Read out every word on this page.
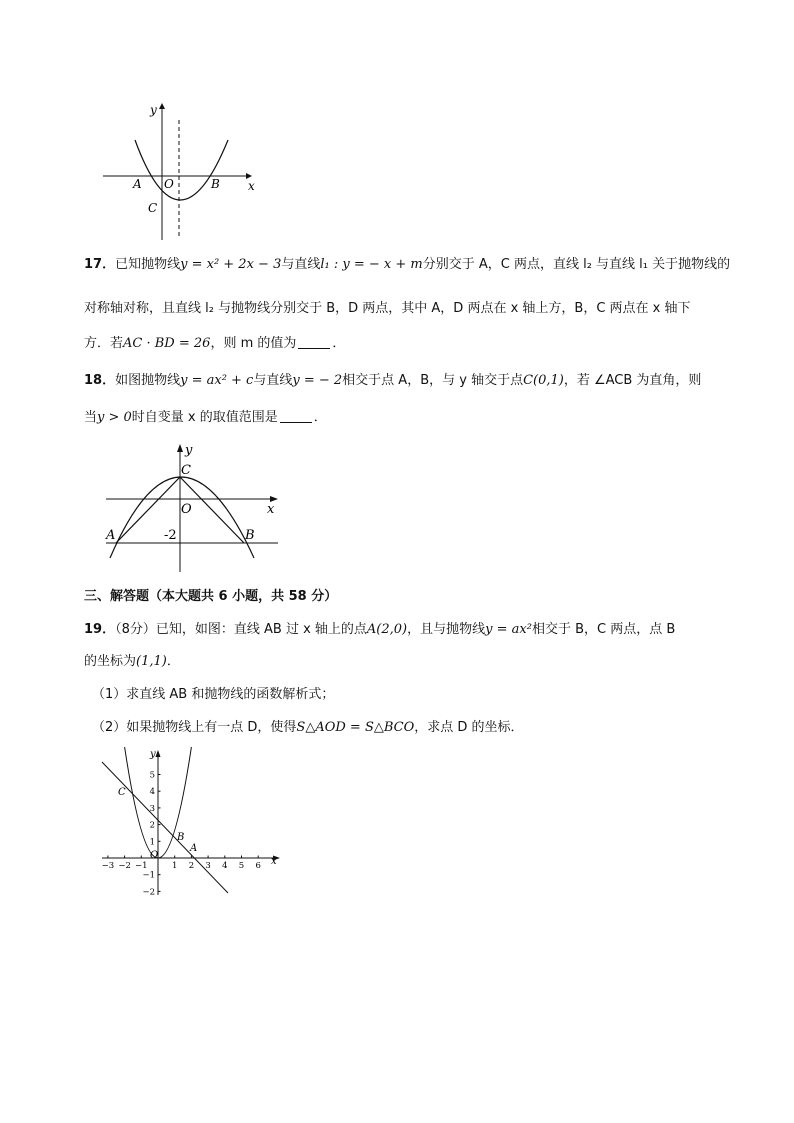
y
x
A O	B
C
17．已知抛物线y = x² + 2x − 3与直线l₁ : y = − x + m分别交于 A，C 两点，直线 l₂ 与直线 l₁ 关于抛物线的
对称轴对称，且直线 l₂ 与抛物线分别交于 B，D 两点，其中 A，D 两点在 x 轴上方，B，C 两点在 x 轴下
方．若AC · BD = 26，则 m 的值为	．
18．如图抛物线y = ax² + c与直线y = − 2相交于点 A，B，与 y 轴交于点C(0,1)，若 ∠ACB 为直角，则
当y > 0时自变量 x 的取值范围是	．
y
x
C
O
A	B
-2
三、解答题（本大题共 6 小题，共 58 分）
19．（8分）已知，如图：直线 AB 过 x 轴上的点A(2,0)，且与抛物线y = ax²相交于 B，C 两点，点 B
的坐标为(1,1)．
（1）求直线 AB 和抛物线的函数解析式；
（2）如果抛物线上有一点 D，使得S△AOD = S△BCO，求点 D 的坐标．
−3 −2 −1	1 2 3 4 5 6
5
4
3
2
1
−1
−2
y
x
O
C
B
A
